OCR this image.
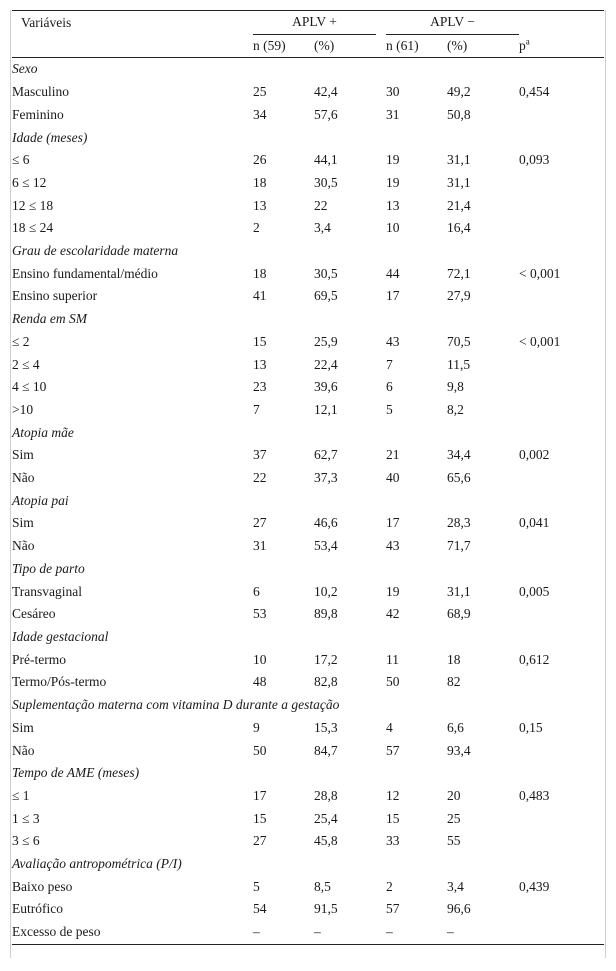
Variáveis	APLV +		APLV −		

	n (59)	(%)	n (61)	(%)	$p^a$
Sexo					
Masculino	25	42,4	30	49,2	0,454
Feminino	34	57,6	31	50,8	
Idade (meses)					
≤ 6	26	44,1	19	31,1	0,093
6 ≤ 12	18	30,5	19	31,1	
12 ≤ 18	13	22	13	21,4	
18 ≤ 24	2	3,4	10	16,4	
Grau de escolaridade materna					
Ensino fundamental/médio	18	30,5	44	72,1	< 0,001
Ensino superior	41	69,5	17	27,9	
Renda em SM					
≤ 2	15	25,9	43	70,5	< 0,001
2 ≤ 4	13	22,4	7	11,5	
4 ≤ 10	23	39,6	6	9,8	
>10	7	12,1	5	8,2	
Atopia mãe					
Sim	37	62,7	21	34,4	0,002
Não	22	37,3	40	65,6	
Atopia pai					
Sim	27	46,6	17	28,3	0,041
Não	31	53,4	43	71,7	
Tipo de parto					
Transvaginal	6	10,2	19	31,1	0,005
Cesáreo	53	89,8	42	68,9	
Idade gestacional					
Pré-termo	10	17,2	11	18	0,612
Termo/Pós-termo	48	82,8	50	82	
Suplementação materna com vitamina D durante a gestação					
Sim	9	15,3	4	6,6	0,15
Não	50	84,7	57	93,4	
Tempo de AME (meses)					
≤ 1	17	28,8	12	20	0,483
1 ≤ 3	15	25,4	15	25	
3 ≤ 6	27	45,8	33	55	
Avaliação antropométrica (P/I)					
Baixo peso	5	8,5	2	3,4	0,439
Eutrófico	54	91,5	57	96,6	
Excesso de peso	–	–	–	–	
